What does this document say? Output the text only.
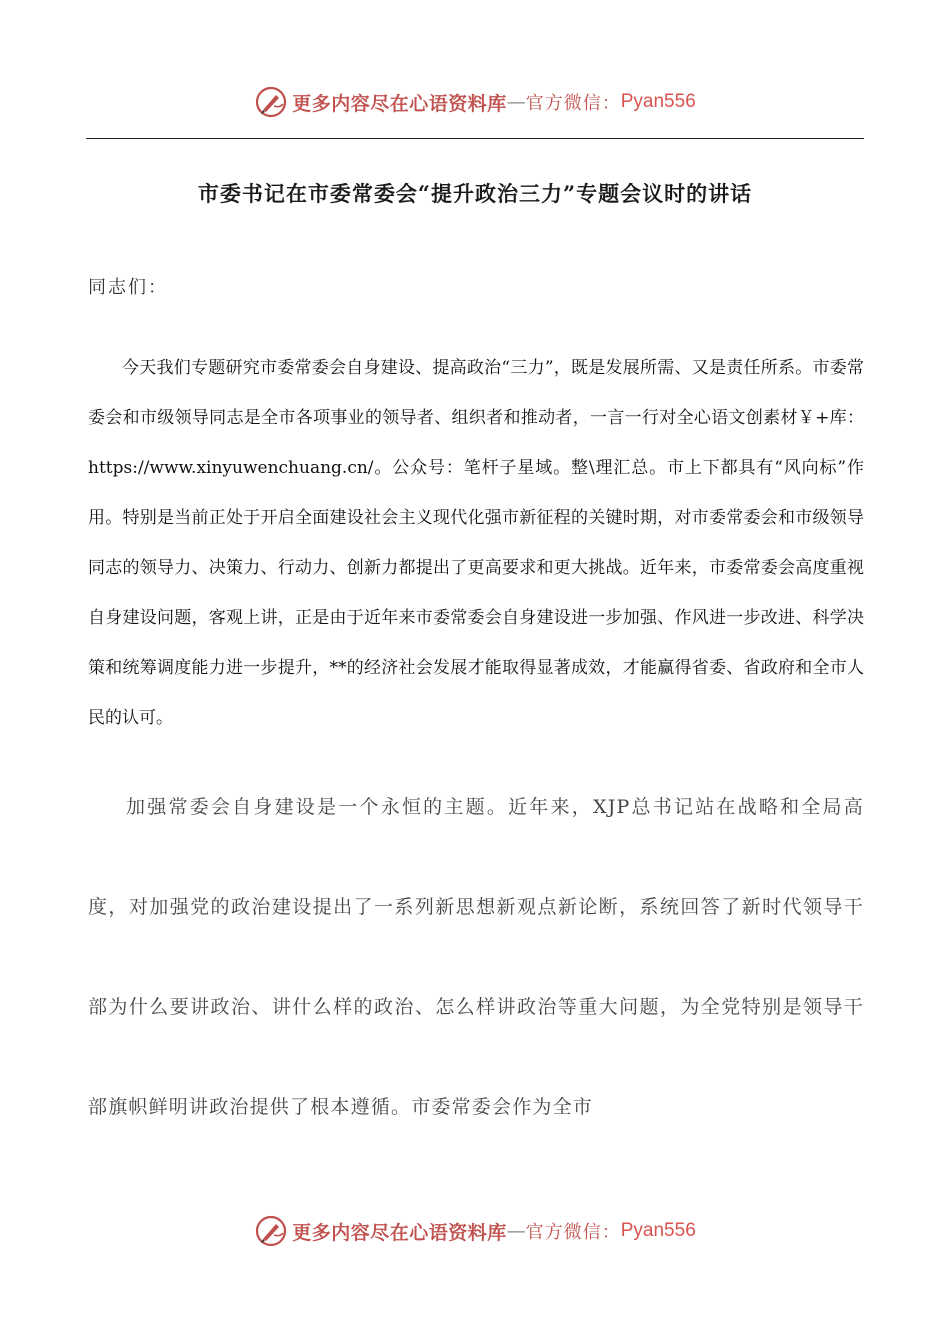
更多内容尽在心语资料库 — 官方微信： Pyan556
市委书记在市委常委会“提升政治三力”专题会议时的讲话
同志们：

今天我们专题研究市委常委会自身建设、提高政治“三力”，既是发展所需、又是责任所系。市委常委会和市级领导同志是全市各项事业的领导者、组织者和推动者，一言一行对全心语文创素材￥+库：https://www.xinyuwenchuang.cn/。公众号：笔杆子星域。整\理汇总。市上下都具有“风向标”作用。特别是当前正处于开启全面建设社会主义现代化强市新征程的关键时期，对市委常委会和市级领导同志的领导力、决策力、行动力、创新力都提出了更高要求和更大挑战。近年来，市委常委会高度重视自身建设问题，客观上讲，正是由于近年来市委常委会自身建设进一步加强、作风进一步改进、科学决策和统筹调度能力进一步提升，**的经济社会发展才能取得显著成效，才能赢得省委、省政府和全市人民的认可。

加强常委会自身建设是一个永恒的主题。近年来，XJP总书记站在战略和全局高度，对加强党的政治建设提出了一系列新思想新观点新论断，系统回答了新时代领导干部为什么要讲政治、讲什么样的政治、怎么样讲政治等重大问题，为全党特别是领导干部旗帜鲜明讲政治提供了根本遵循。市委常委会作为全市

更多内容尽在心语资料库 — 官方微信： Pyan556
